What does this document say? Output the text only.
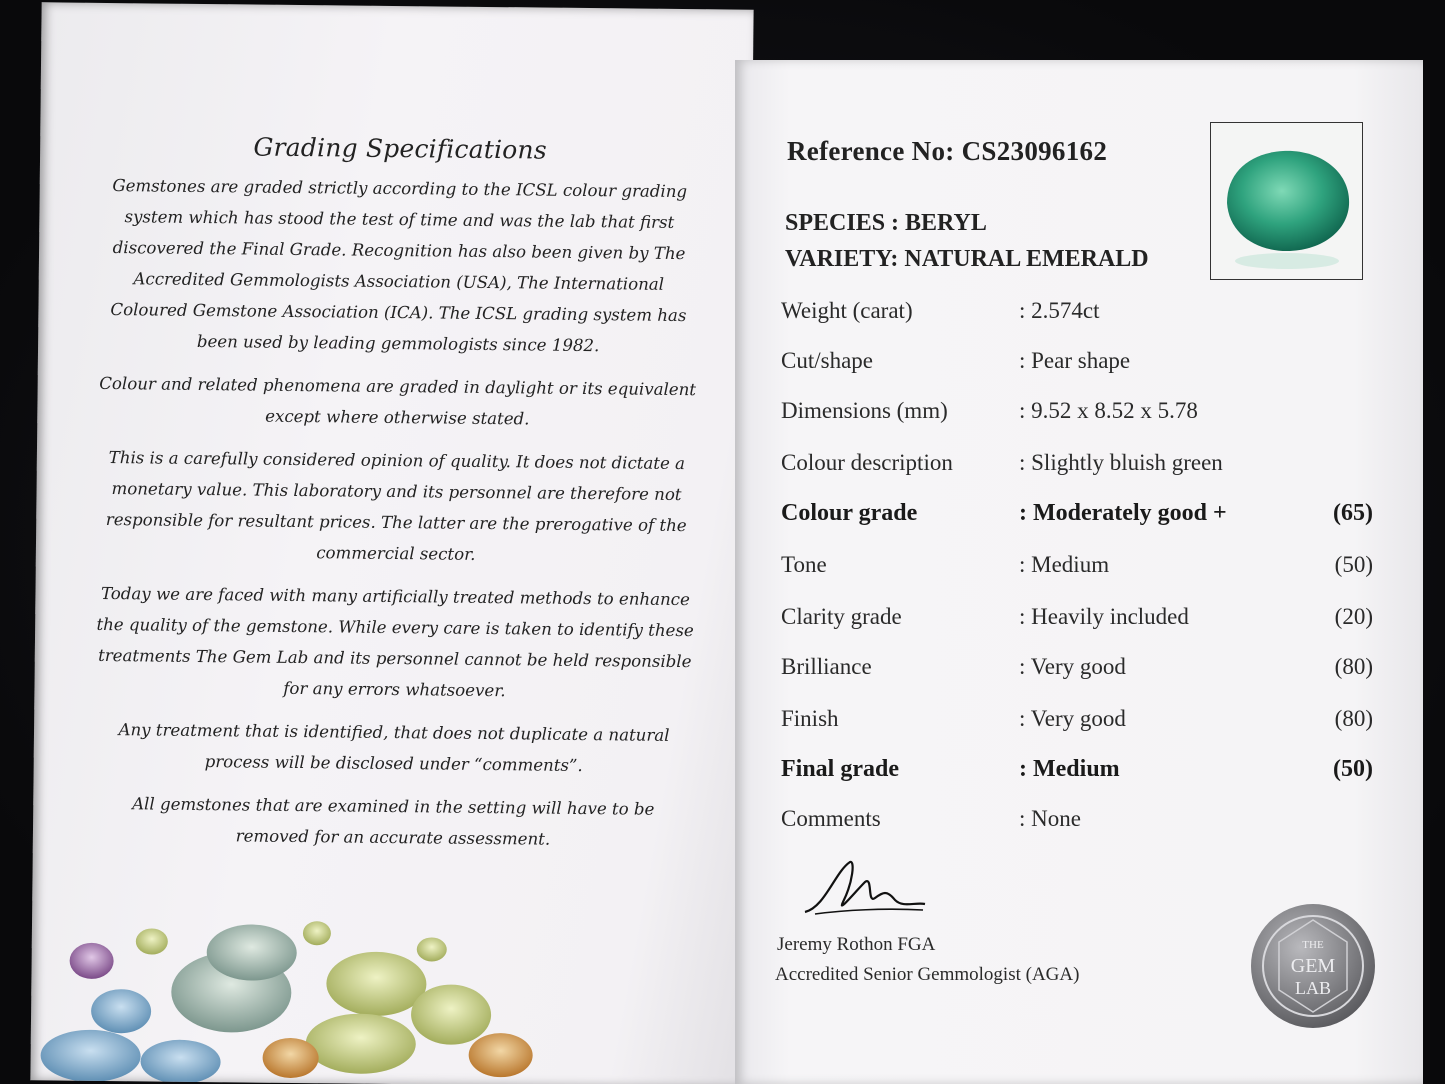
Grading Specifications

Gemstones are graded strictly according to the ICSL colour grading system which has stood the test of time and was the lab that first discovered the Final Grade. Recognition has also been given by The Accredited Gemmologists Association (USA), The International Coloured Gemstone Association (ICA). The ICSL grading system has been used by leading gemmologists since 1982.

Colour and related phenomena are graded in daylight or its equivalent except where otherwise stated.

This is a carefully considered opinion of quality. It does not dictate a monetary value. This laboratory and its personnel are therefore not responsible for resultant prices. The latter are the prerogative of the commercial sector.

Today we are faced with many artificially treated methods to enhance the quality of the gemstone. While every care is taken to identify these treatments The Gem Lab and its personnel cannot be held responsible for any errors whatsoever.

Any treatment that is identified, that does not duplicate a natural process will be disclosed under “comments”.

All gemstones that are examined in the setting will have to be removed for an accurate assessment.

Reference No: CS23096162
SPECIES : BERYL
VARIETY: NATURAL EMERALD
Weight (carat)	: 2.574ct
Cut/shape	: Pear shape
Dimensions (mm)	: 9.52 x 8.52 x 5.78
Colour description	: Slightly bluish green
Colour grade	: Moderately good +	(65)
Tone	: Medium	(50)
Clarity grade	: Heavily included	(20)
Brilliance	: Very good	(80)
Finish	: Very good	(80)
Final grade	: Medium	(50)
Comments	: None
Jeremy Rothon FGA
Accredited Senior Gemmologist (AGA)
THE
GEM
LAB
